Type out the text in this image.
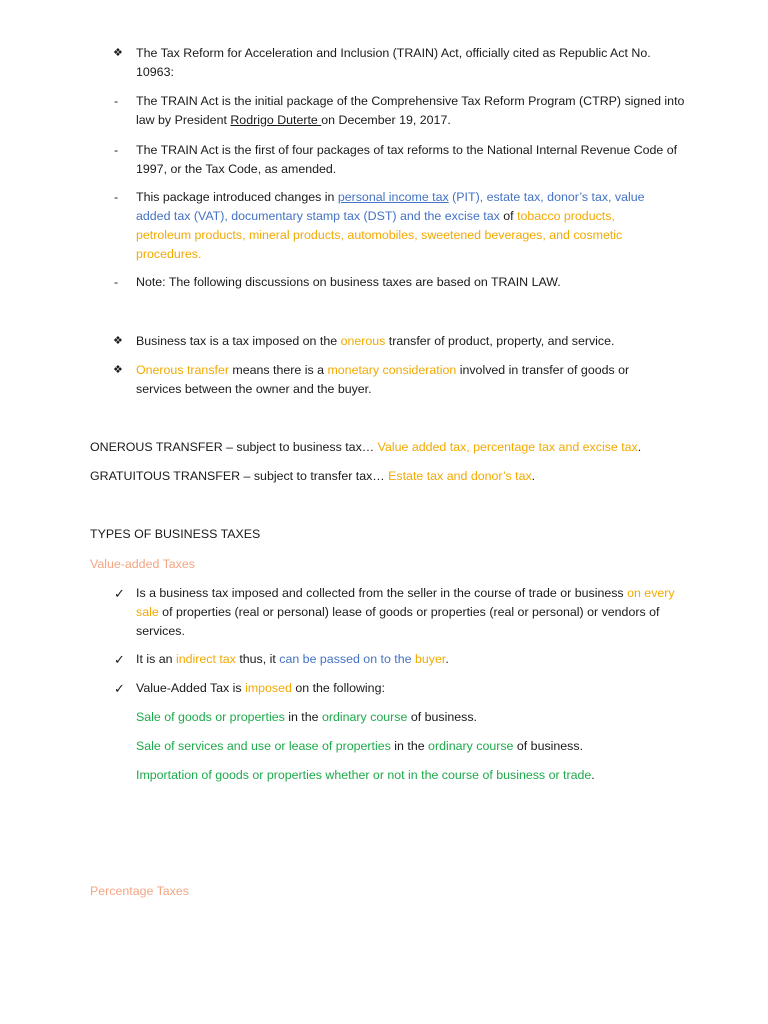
❖ The Tax Reform for Acceleration and Inclusion (TRAIN) Act, officially cited as Republic Act No. 10963:
- The TRAIN Act is the initial package of the Comprehensive Tax Reform Program (CTRP) signed into law by President Rodrigo Duterte on December 19, 2017.
- The TRAIN Act is the first of four packages of tax reforms to the National Internal Revenue Code of 1997, or the Tax Code, as amended.
- This package introduced changes in personal income tax (PIT), estate tax, donor’s tax, value added tax (VAT), documentary stamp tax (DST) and the excise tax of tobacco products, petroleum products, mineral products, automobiles, sweetened beverages, and cosmetic procedures.
- Note: The following discussions on business taxes are based on TRAIN LAW.
❖ Business tax is a tax imposed on the onerous transfer of product, property, and service.
❖ Onerous transfer means there is a monetary consideration involved in transfer of goods or services between the owner and the buyer.
ONEROUS TRANSFER – subject to business tax… Value added tax, percentage tax and excise tax.
GRATUITOUS TRANSFER – subject to transfer tax… Estate tax and donor’s tax.
TYPES OF BUSINESS TAXES
Value-added Taxes
✓ Is a business tax imposed and collected from the seller in the course of trade or business on every sale of properties (real or personal) lease of goods or properties (real or personal) or vendors of services.
✓ It is an indirect tax thus, it can be passed on to the buyer.
✓ Value-Added Tax is imposed on the following:
Sale of goods or properties in the ordinary course of business.
Sale of services and use or lease of properties in the ordinary course of business.
Importation of goods or properties whether or not in the course of business or trade.
Percentage Taxes
